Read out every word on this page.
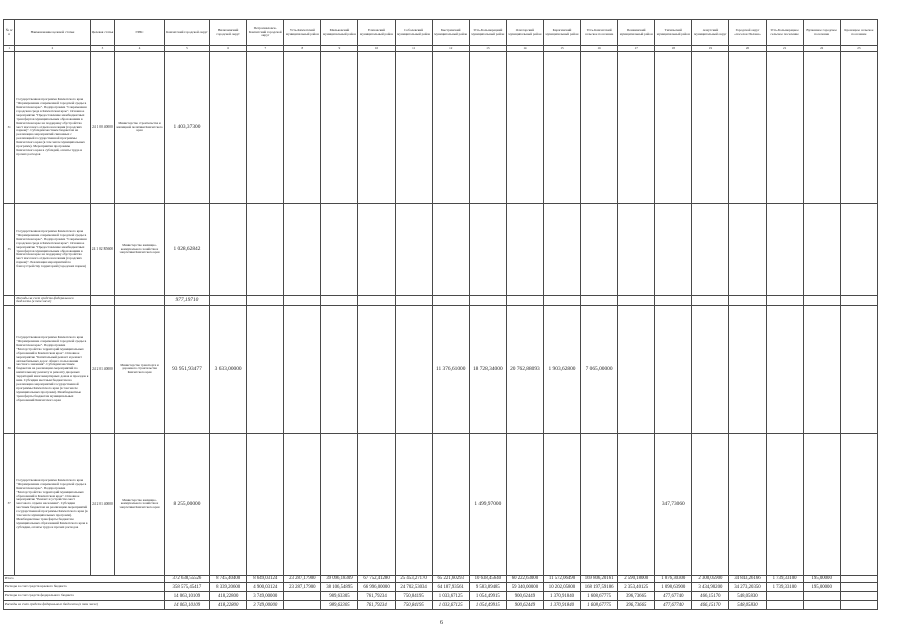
№ п/п	Наименование целевой статьи	Целевая статья	ГРБС	Камчатский городской округ	Вилючинский городской округ	Петропавловск-Камчатский городской округ	Усть-Камчатский муниципальный район	Мильковский муниципальный район	Елизовский муниципальный район	Соболевский муниципальный район	Быстринский муниципальный район	Усть-Большерецкий муниципальный район	Олюторский муниципальный район	Карагинский муниципальный район	Усть-Камчатский сельское поселение	Пенжинский муниципальный район	Тигильский муниципальный район	Алеутский муниципальный округ	Городской округ «поселок Палана»	Усть-Большерецкое сельское поселение	Вулканное городское поселение	Кроноцкое сельское поселение
1	2	3	4	5	6	7	8	9	10	11	12	13	14	15	16	17	18	19	20	21	22	23
31	Государственная программа Камчатского края "Формирование современной городской среды в Камчатском крае". Подпрограмма "Современная городская среда в Камчатском крае". Основное мероприятие "Предоставление межбюджетных трансфертов муниципальным образованиям в Камчатском крае на поддержку обустройства мест массового отдыха населения (городских парков)". Субсидии местным бюджетам на реализацию мероприятий связанных с реализацией государственной программы Камчатского края (в том числе муниципальных программ). Мероприятия программы Камчатского края в субсидий, оплаты труда и прочих расходов	24 1 00 40000	Министерство строительства и жилищной политики Камчатского края	1 403,37300																		
35	Государственная программа Камчатского края "Формирование современной городской среды в Камчатском крае". Подпрограмма "Современная городская среда в Камчатском крае". Основное мероприятие "Предоставление межбюджетных трансфертов муниципальным образованиям в Камчатском крае на поддержку обустройства мест массового отдыха населения (городских парков)". Реализация мероприятий по благоустройству территорий (городских парков)	24 1 02 R5600	Министерство жилищно-коммунального хозяйства и энергетики Камчатского края	1 028,62842																		
	Расходы за счет средств федерального бюджета (в том числе)			977,19710																		
36	Государственная программа Камчатского края "Формирование современной городской среды в Камчатском крае". Подпрограмма "Благоустройство территорий муниципальных образований в Камчатском крае". Основное мероприятие "Капитальный ремонт и ремонт автомобильных дорог общего пользования местного значения". Субсидии местным бюджетам на реализацию мероприятий по капитальному ремонту и ремонту дворовых территорий многоквартирных домов и проездов к ним. Субсидии местным бюджетам на реализацию мероприятий государственной программы Камчатского края (в том числе муниципальных программ). Межбюджетные трансферты бюджетам муниципальных образований Камчатского края	24 2 01 40000	Министерство транспорта и дорожного строительства Камчатского края	93 951,93477	3 633,00000						11 376,61000	18 728,34000	20 762,88093	1 903,62800	7 065,00000							
37	Государственная программа Камчатского края "Формирование современной городской среды в Камчатском крае". Подпрограмма "Благоустройство территорий муниципальных образований в Камчатском крае". Основное мероприятие "Ремонт и устройство мест массового отдыха населения". Субсидии местным бюджетам на реализацию мероприятий государственной программы Камчатского края (в том числе муниципальных программ). Межбюджетные трансферты бюджетам муниципальных образований Камчатского края в субсидии, оплаты труда и прочих расходов	24 2 01 40000	Министерство жилищно-коммунального хозяйства и энергетики Камчатского края	8 255,00000								1 499,97000					347,73060					
Итого				372 638,55526	8 745,40400	8 649,03124	23 287,17900	39 096,18309	67 752,41280	25 453,27170	65 221,60293	10 638,45640	60 222,63000	11 572,06490	169 806,20161	2 590,18000	1 876,30300	2 300,05900	34 843,26166	1 739,33100	195,00000	
Расходы за счет средств краевого бюджета				358 575,45417	8 339,20600	4 900,03124	23 287,17900	38 106,54895	66 996,00000	24 702,53034	64 187,93561	9 583,89485	59 340,00000	10 202,05800	168 197,59186	2 353,40125	1 098,63900	3 434,90200	34 273,20350	1 739,33100	195,00000	
Расходы за счет средств федерального бюджета				14 063,10109	418,22800	3 749,00000		989,63305	761,79234	750,84195	1 033,67125	1 054,49915	900,62449	1 370,91840	1 608,67775	396,73665	477,67740	466,15170	548,05830			
Расходы за счет средств федерального бюджета (в том числе)				14 063,10109	418,22800	3 749,00000		989,63305	761,79234	750,84195	1 033,67125	1 054,49915	900,62449	1 370,91840	1 608,67775	396,73665	477,67740	466,15170	548,05830			
6
